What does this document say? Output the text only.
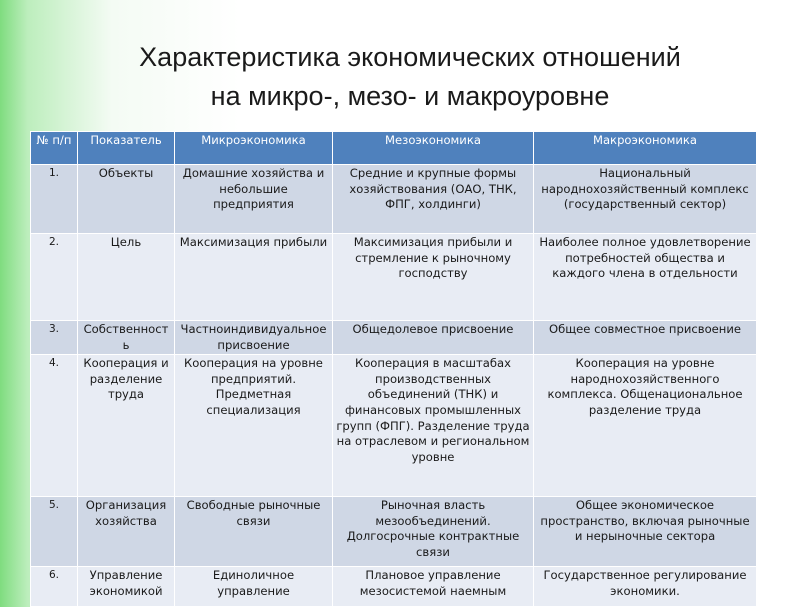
Характеристика экономических отношений
на микро-, мезо- и макроуровне
№ п/п	Показатель	Микроэкономика	Мезоэкономика	Макроэкономика
1.	Объекты	Домашние хозяйства и небольшие предприятия	Средние и крупные формы хозяйствования (ОАО, ТНК, ФПГ, холдинги)	Национальный народнохозяйственный комплекс (государственный сектор)
2.	Цель	Максимизация прибыли	Максимизация прибыли и стремление к рыночному господству	Наиболее полное удовлетворение потребностей общества и каждого члена в отдельности
3.	Собственность	Частноиндивидуальное присвоение	Общедолевое присвоение	Общее совместное присвоение
4.	Кооперация и разделение труда	Кооперация на уровне предприятий. Предметная специализация	Кооперация в масштабах производственных объединений (ТНК) и финансовых промышленных групп (ФПГ). Разделение труда на отраслевом и региональном уровне	Кооперация на уровне народнохозяйственного комплекса. Общенациональное разделение труда
5.	Организация хозяйства	Свободные рыночные связи	Рыночная власть мезообъединений. Долгосрочные контрактные связи	Общее экономическое пространство, включая рыночные и нерыночные сектора
6.	Управление экономикой	Единоличное управление	Плановое управление мезосистемой наемным	Государственное регулирование экономики.
